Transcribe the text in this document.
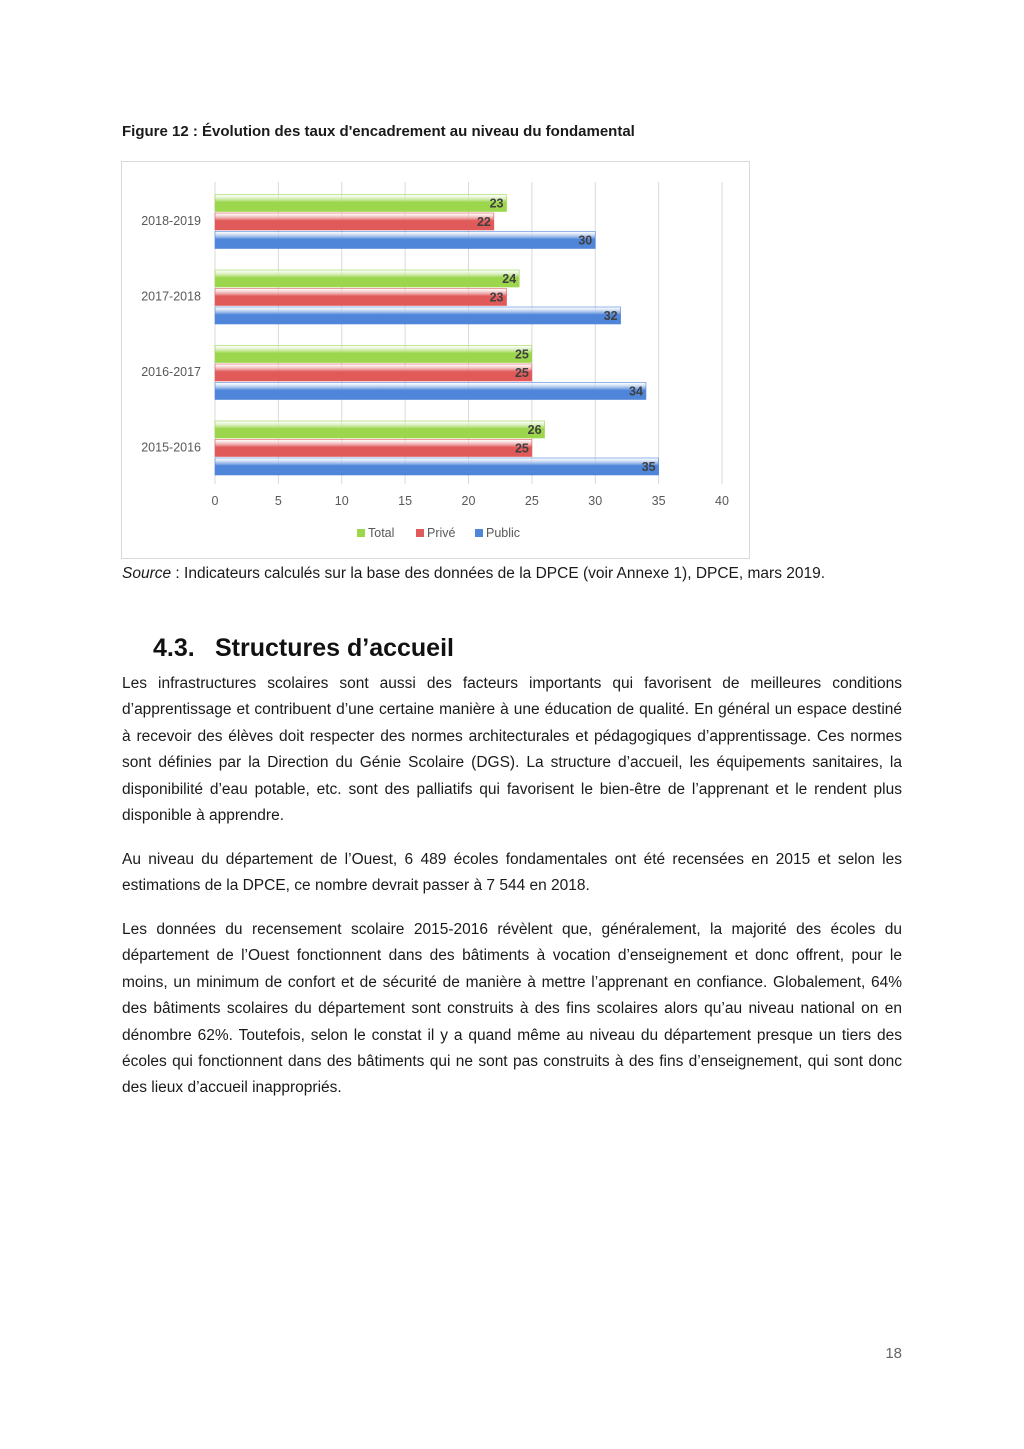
Figure 12 : Évolution des taux d'encadrement au niveau du fondamental
0	5	10	15	20	25	30	35	40
23
22
30
2018-2019
24
23
32
2017-2018
25
25
34
2016-2017
26
25
35
2015-2016
Total	Privé Public
Source : Indicateurs calculés sur la base des données de la DPCE (voir Annexe 1), DPCE, mars 2019.
4.3. Structures d’accueil

Les infrastructures scolaires sont aussi des facteurs importants qui favorisent de meilleures conditions d’apprentissage et contribuent d’une certaine manière à une éducation de qualité. En général un espace destiné à recevoir des élèves doit respecter des normes architecturales et pédagogiques d’apprentissage. Ces normes sont définies par la Direction du Génie Scolaire (DGS). La structure d’accueil, les équipements sanitaires, la disponibilité d’eau potable, etc. sont des palliatifs qui favorisent le bien-être de l’apprenant et le rendent plus disponible à apprendre.

Au niveau du département de l’Ouest, 6 489 écoles fondamentales ont été recensées en 2015 et selon les estimations de la DPCE, ce nombre devrait passer à 7 544 en 2018.

Les données du recensement scolaire 2015-2016 révèlent que, généralement, la majorité des écoles du département de l’Ouest fonctionnent dans des bâtiments à vocation d’enseignement et donc offrent, pour le moins, un minimum de confort et de sécurité de manière à mettre l’apprenant en confiance. Globalement, 64% des bâtiments scolaires du département sont construits à des fins scolaires alors qu’au niveau national on en dénombre 62%. Toutefois, selon le constat il y a quand même au niveau du département presque un tiers des écoles qui fonctionnent dans des bâtiments qui ne sont pas construits à des fins d’enseignement, qui sont donc des lieux d’accueil inappropriés.

18
